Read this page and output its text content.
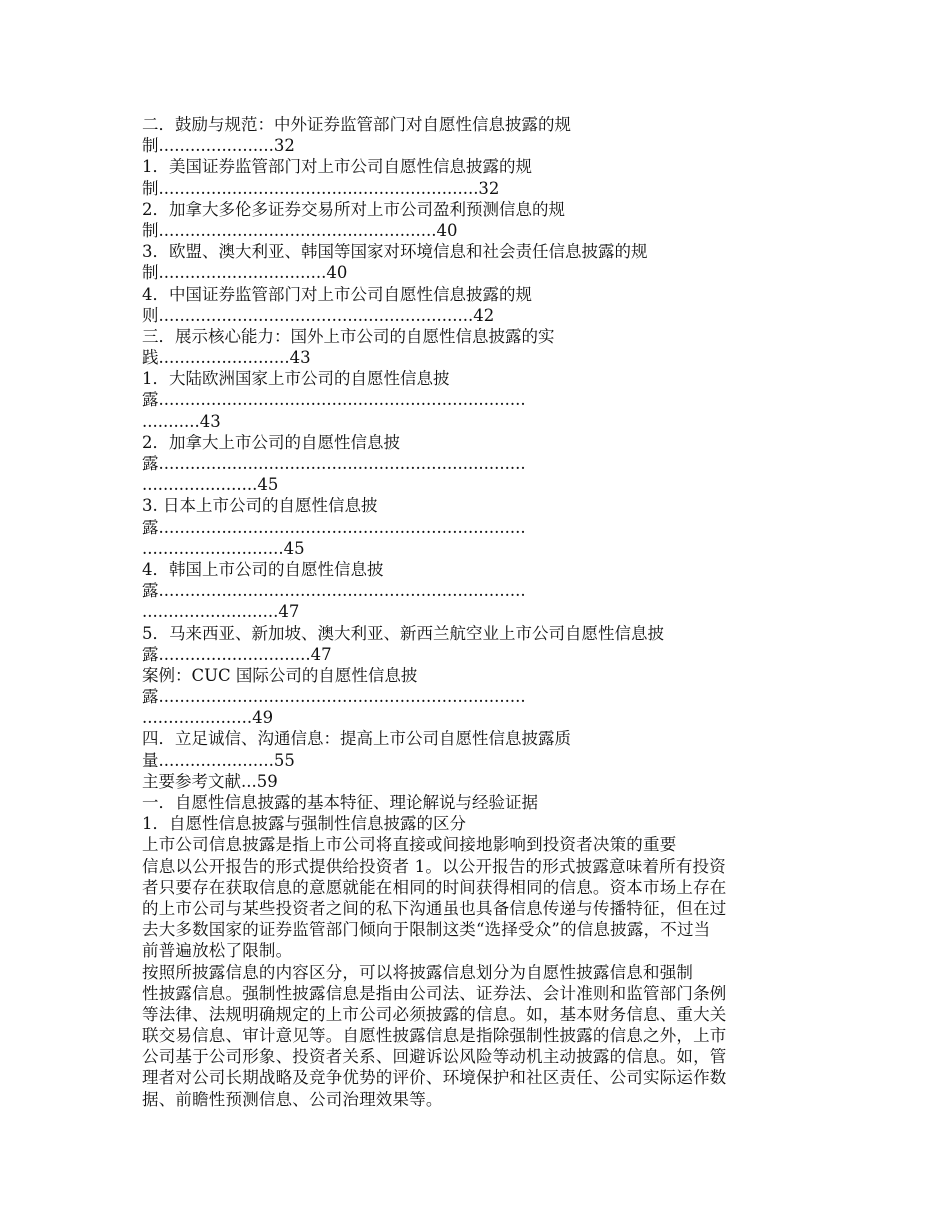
二．鼓励与规范：中外证券监管部门对自愿性信息披露的规
制......................32
1．美国证券监管部门对上市公司自愿性信息披露的规
制.............................................................32
2．加拿大多伦多证券交易所对上市公司盈利预测信息的规
制.....................................................40
3．欧盟、澳大利亚、韩国等国家对环境信息和社会责任信息披露的规
制................................40
4．中国证券监管部门对上市公司自愿性信息披露的规
则............................................................42
三．展示核心能力：国外上市公司的自愿性信息披露的实
践.........................43
1．大陆欧洲国家上市公司的自愿性信息披
露......................................................................
...........43
2．加拿大上市公司的自愿性信息披
露......................................................................
......................45
3. 日本上市公司的自愿性信息披
露......................................................................
...........................45
4．韩国上市公司的自愿性信息披
露......................................................................
..........................47
5．马来西亚、新加坡、澳大利亚、新西兰航空业上市公司自愿性信息披
露.............................47
案例：CUC 国际公司的自愿性信息披
露......................................................................
.....................49
四．立足诚信、沟通信息：提高上市公司自愿性信息披露质
量......................55
主要参考文献...59
一．自愿性信息披露的基本特征、理论解说与经验证据
1．自愿性信息披露与强制性信息披露的区分
上市公司信息披露是指上市公司将直接或间接地影响到投资者决策的重要
信息以公开报告的形式提供给投资者 1。以公开报告的形式披露意味着所有投资
者只要存在获取信息的意愿就能在相同的时间获得相同的信息。资本市场上存在
的上市公司与某些投资者之间的私下沟通虽也具备信息传递与传播特征，但在过
去大多数国家的证券监管部门倾向于限制这类“选择受众”的信息披露，不过当
前普遍放松了限制。
按照所披露信息的内容区分，可以将披露信息划分为自愿性披露信息和强制
性披露信息。强制性披露信息是指由公司法、证券法、会计准则和监管部门条例
等法律、法规明确规定的上市公司必须披露的信息。如，基本财务信息、重大关
联交易信息、审计意见等。自愿性披露信息是指除强制性披露的信息之外，上市
公司基于公司形象、投资者关系、回避诉讼风险等动机主动披露的信息。如，管
理者对公司长期战略及竞争优势的评价、环境保护和社区责任、公司实际运作数
据、前瞻性预测信息、公司治理效果等。
